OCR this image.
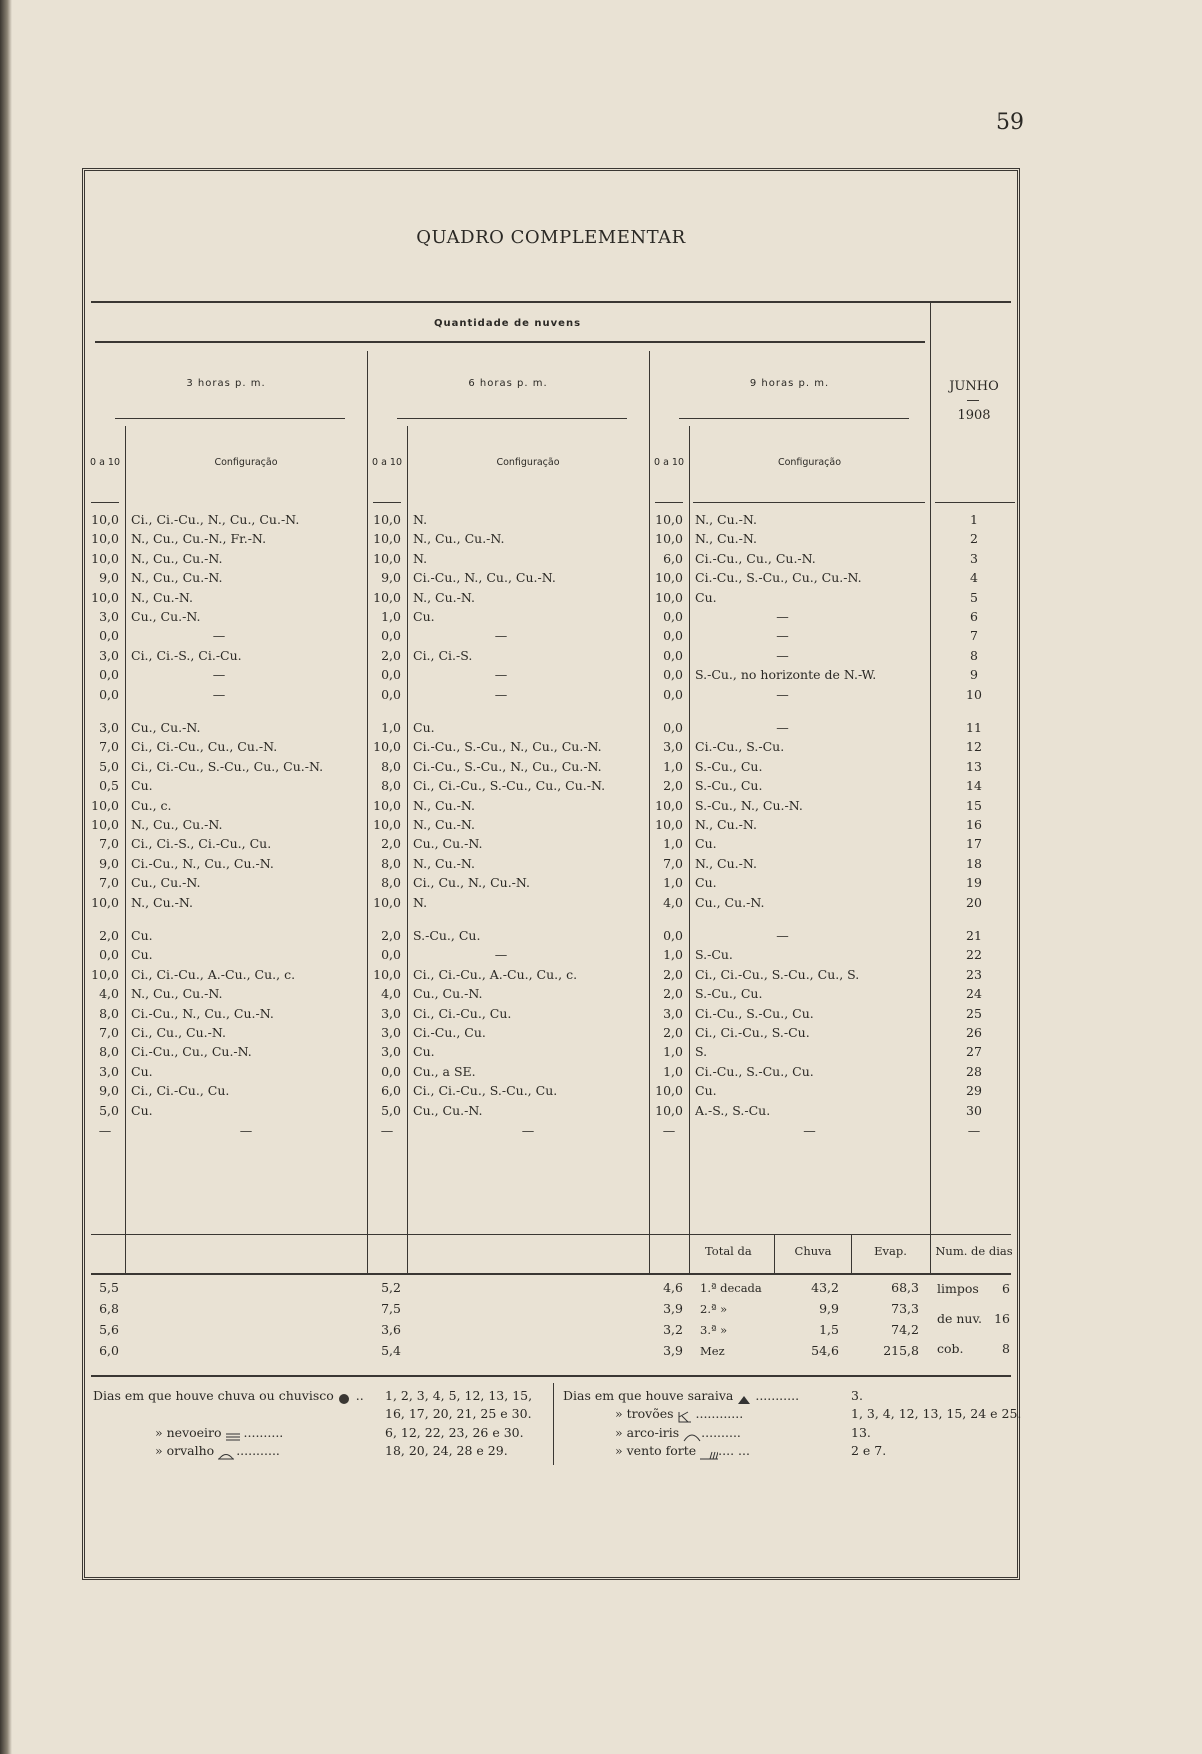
59
QUADRO COMPLEMENTAR
Quantidade de nuvens
3 horas p. m.	6 horas p. m.	9 horas p. m.	JUNHO
1908
0 a 10	Configuração	0 a 10	Configuração	0 a 10	Configuração
10,0 Ci., Ci.-Cu., N., Cu., Cu.-N.	10,0 N.	10,0 N., Cu.-N.	1
10,0 N., Cu., Cu.-N., Fr.-N.	10,0 N., Cu., Cu.-N.	10,0 N., Cu.-N.	2
10,0 N., Cu., Cu.-N.	10,0 N.	6,0 Ci.-Cu., Cu., Cu.-N.	3
9,0 N., Cu., Cu.-N.	9,0 Ci.-Cu., N., Cu., Cu.-N.	10,0 Ci.-Cu., S.-Cu., Cu., Cu.-N.	4
10,0 N., Cu.-N.	10,0 N., Cu.-N.	10,0 Cu.	5
3,0 Cu., Cu.-N.	1,0 Cu.	0,0	—	6
0,0	—	0,0	—	0,0	—	7
3,0 Ci., Ci.-S., Ci.-Cu.	2,0 Ci., Ci.-S.	0,0	—	8
0,0	—	0,0	—	0,0 S.-Cu., no horizonte de N.-W.	9
0,0	—	0,0	—	0,0	—	10
3,0 Cu., Cu.-N.	1,0 Cu.	0,0	—	11
7,0 Ci., Ci.-Cu., Cu., Cu.-N.	10,0 Ci.-Cu., S.-Cu., N., Cu., Cu.-N.	3,0 Ci.-Cu., S.-Cu.	12
5,0 Ci., Ci.-Cu., S.-Cu., Cu., Cu.-N.	8,0 Ci.-Cu., S.-Cu., N., Cu., Cu.-N.	1,0 S.-Cu., Cu.	13
0,5 Cu.	8,0 Ci., Ci.-Cu., S.-Cu., Cu., Cu.-N.	2,0 S.-Cu., Cu.	14
10,0 Cu., c.	10,0 N., Cu.-N.	10,0 S.-Cu., N., Cu.-N.	15
10,0 N., Cu., Cu.-N.	10,0 N., Cu.-N.	10,0 N., Cu.-N.	16
7,0 Ci., Ci.-S., Ci.-Cu., Cu.	2,0 Cu., Cu.-N.	1,0 Cu.	17
9,0 Ci.-Cu., N., Cu., Cu.-N.	8,0 N., Cu.-N.	7,0 N., Cu.-N.	18
7,0 Cu., Cu.-N.	8,0 Ci., Cu., N., Cu.-N.	1,0 Cu.	19
10,0 N., Cu.-N.	10,0 N.	4,0 Cu., Cu.-N.	20
2,0 Cu.	2,0 S.-Cu., Cu.	0,0	—	21
0,0 Cu.	0,0	—	1,0 S.-Cu.	22
10,0 Ci., Ci.-Cu., A.-Cu., Cu., c.	10,0 Ci., Ci.-Cu., A.-Cu., Cu., c.	2,0 Ci., Ci.-Cu., S.-Cu., Cu., S.	23
4,0 N., Cu., Cu.-N.	4,0 Cu., Cu.-N.	2,0 S.-Cu., Cu.	24
8,0 Ci.-Cu., N., Cu., Cu.-N.	3,0 Ci., Ci.-Cu., Cu.	3,0 Ci.-Cu., S.-Cu., Cu.	25
7,0 Ci., Cu., Cu.-N.	3,0 Ci.-Cu., Cu.	2,0 Ci., Ci.-Cu., S.-Cu.	26
8,0 Ci.-Cu., Cu., Cu.-N.	3,0 Cu.	1,0 S.	27
3,0 Cu.	0,0 Cu., a SE.	1,0 Ci.-Cu., S.-Cu., Cu.	28
9,0 Ci., Ci.-Cu., Cu.	6,0 Ci., Ci.-Cu., S.-Cu., Cu.	10,0 Cu.	29
5,0 Cu.	5,0 Cu., Cu.-N.	10,0 A.-S., S.-Cu.	30
—	—	—	—	—	—	—
Total da	Chuva	Evap.	Num. de dias
5,5	5,2	4,6 1.ª decada	43,2	68,3
6,8	7,5	3,9 2.ª »	9,9	73,3
5,6	3,6	3,2 3.ª »	1,5	74,2
6,0	5,4	3,9 Mez	54,6	215,8
limpos	6
de nuv. 16
cob.	8
Dias em que houve chuva ou chuvisco .. 1, 2, 3, 4, 5, 12, 13, 15,
16, 17, 20, 21, 25 e 30.
» nevoeiro ..........	6, 12, 22, 23, 26 e 30.
» orvalho ...........	18, 20, 24, 28 e 29.
Dias em que houve saraiva ...........	3.
» trovões ............	1, 3, 4, 12, 13, 15, 24 e 25.
» arco-iris ..........	13.
» vento forte .... ...	2 e 7.
